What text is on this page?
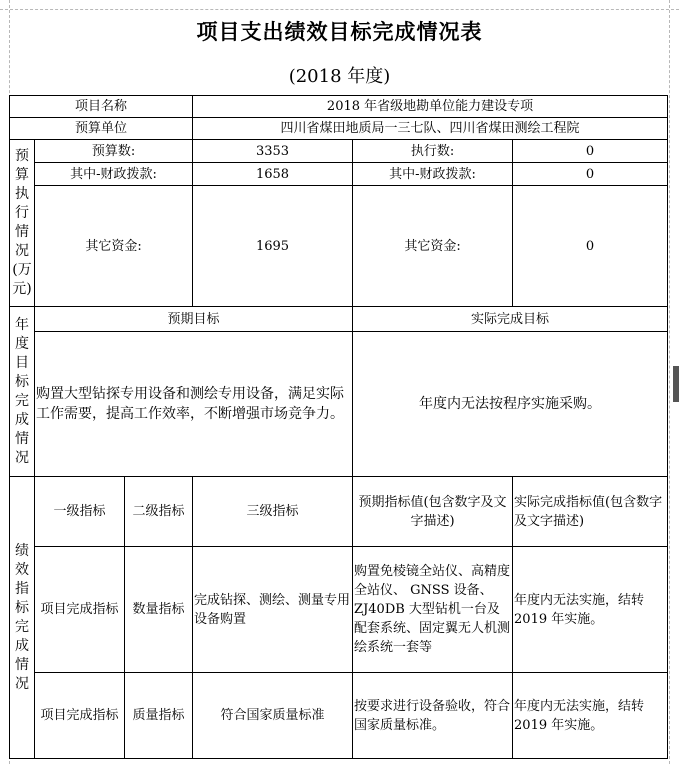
项目支出绩效目标完成情况表
(2018 年度)
项目名称			2018 年省级地勘单位能力建设专项		
预算单位			四川省煤田地质局一三七队、四川省煤田测绘工程院		
预算执行情况(万元)	预算数:		3353	执行数:	0
	其中-财政拨款:		1658	其中-财政拨款:	0
	其它资金:		1695	其它资金:	0
年度目标完成情况	预期目标			实际完成目标	
	购置大型钻探专用设备和测绘专用设备，满足实际工作需要，提高工作效率，不断增强市场竞争力。			年度内无法按程序实施采购。	
绩效指标完成情况	一级指标	二级指标	三级指标	预期指标值(包含数字及文字描述)	实际完成指标值(包含数字及文字描述)
	项目完成指标	数量指标	完成钻探、测绘、测量专用设备购置	购置免棱镜全站仪、高精度全站仪、 GNSS 设备、 ZJ40DB 大型钻机一台及配套系统、固定翼无人机测绘系统一套等	年度内无法实施，结转 2019 年实施。
	项目完成指标	质量指标	符合国家质量标准	按要求进行设备验收，符合国家质量标准。	年度内无法实施，结转 2019 年实施。
